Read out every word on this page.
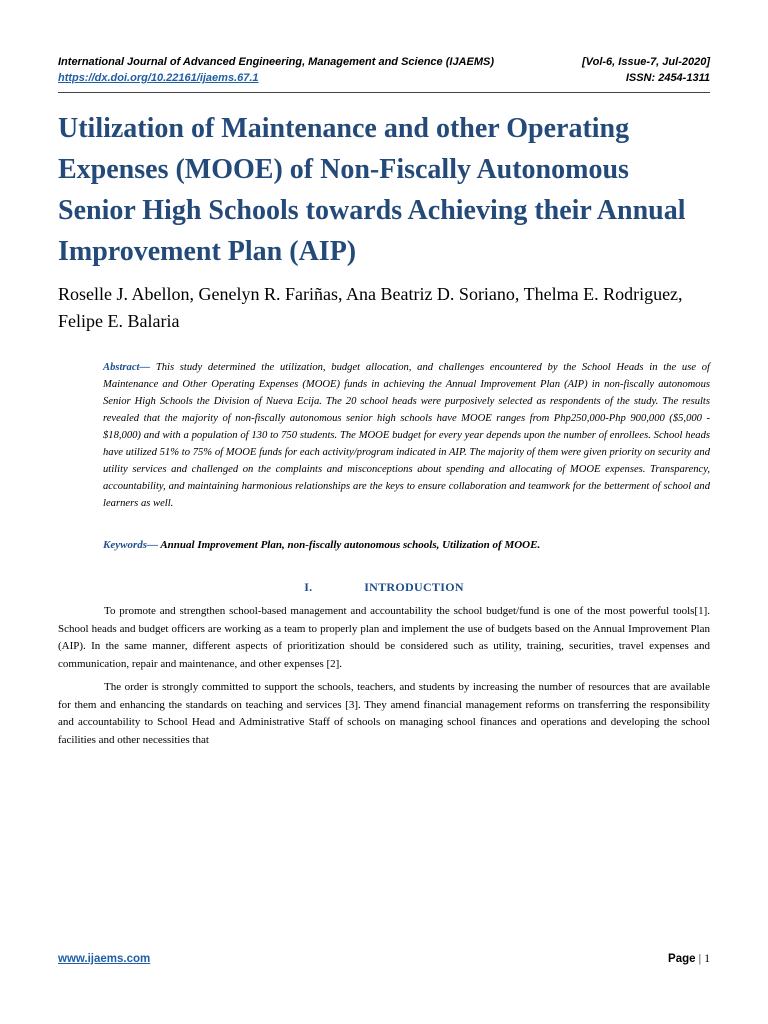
International Journal of Advanced Engineering, Management and Science (IJAEMS)	[Vol-6, Issue-7, Jul-2020]
https://dx.doi.org/10.22161/ijaems.67.1	ISSN: 2454-1311
Utilization of Maintenance and other Operating Expenses (MOOE) of Non-Fiscally Autonomous Senior High Schools towards Achieving their Annual Improvement Plan (AIP)
Roselle J. Abellon, Genelyn R. Fariñas, Ana Beatriz D. Soriano, Thelma E. Rodriguez, Felipe E. Balaria
Abstract— This study determined the utilization, budget allocation, and challenges encountered by the School Heads in the use of Maintenance and Other Operating Expenses (MOOE) funds in achieving the Annual Improvement Plan (AIP) in non-fiscally autonomous Senior High Schools the Division of Nueva Ecija. The 20 school heads were purposively selected as respondents of the study. The results revealed that the majority of non-fiscally autonomous senior high schools have MOOE ranges from Php250,000-Php 900,000 ($5,000 - $18,000) and with a population of 130 to 750 students. The MOOE budget for every year depends upon the number of enrollees. School heads have utilized 51% to 75% of MOOE funds for each activity/program indicated in AIP. The majority of them were given priority on security and utility services and challenged on the complaints and misconceptions about spending and allocating of MOOE expenses. Transparency, accountability, and maintaining harmonious relationships are the keys to ensure collaboration and teamwork for the betterment of school and learners as well.
Keywords— Annual Improvement Plan, non-fiscally autonomous schools, Utilization of MOOE.
I.	INTRODUCTION

To promote and strengthen school-based management and accountability the school budget/fund is one of the most powerful tools[1]. School heads and budget officers are working as a team to properly plan and implement the use of budgets based on the Annual Improvement Plan (AIP). In the same manner, different aspects of prioritization should be considered such as utility, training, securities, travel expenses and communication, repair and maintenance, and other expenses [2].

The order is strongly committed to support the schools, teachers, and students by increasing the number of resources that are available for them and enhancing the standards on teaching and services [3]. They amend financial management reforms on transferring the responsibility and accountability to School Head and Administrative Staff of schools on managing school finances and operations and developing the school facilities and other necessities that

www.ijaems.com	Page | 1
